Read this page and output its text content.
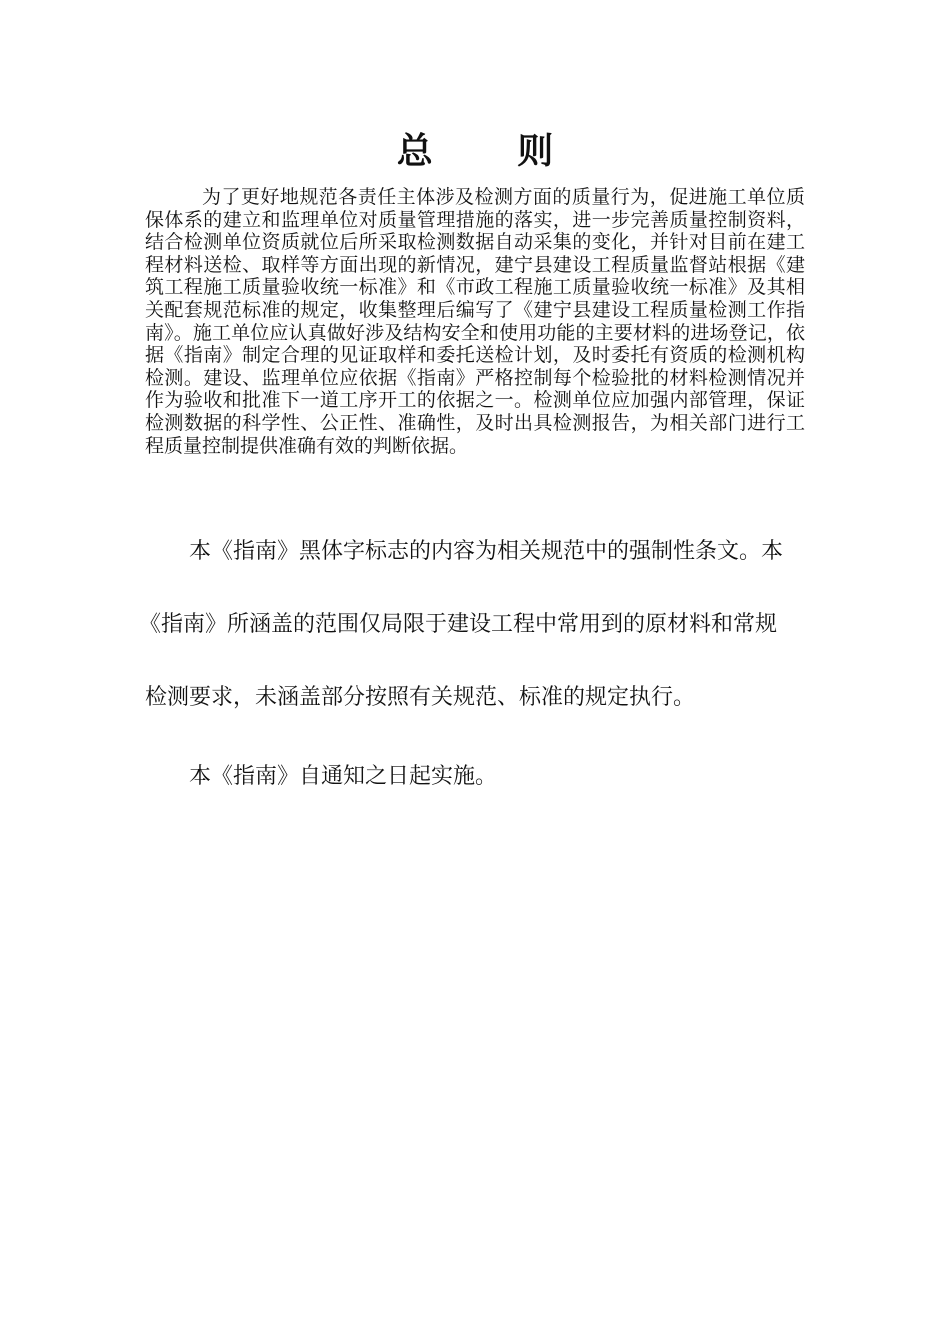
总 则

为了更好地规范各责任主体涉及检测方面的质量行为，促进施工单位质保体系的建立和监理单位对质量管理措施的落实，进一步完善质量控制资料，结合检测单位资质就位后所采取检测数据自动采集的变化，并针对目前在建工程材料送检、取样等方面出现的新情况，建宁县建设工程质量监督站根据《建筑工程施工质量验收统一标准》和《市政工程施工质量验收统一标准》及其相关配套规范标准的规定，收集整理后编写了《建宁县建设工程质量检测工作指南》。施工单位应认真做好涉及结构安全和使用功能的主要材料的进场登记，依据《指南》制定合理的见证取样和委托送检计划，及时委托有资质的检测机构检测。建设、监理单位应依据《指南》严格控制每个检验批的材料检测情况并作为验收和批准下一道工序开工的依据之一。检测单位应加强内部管理，保证检测数据的科学性、公正性、准确性，及时出具检测报告，为相关部门进行工程质量控制提供准确有效的判断依据。

本《指南》黑体字标志的内容为相关规范中的强制性条文。本
《指南》所涵盖的范围仅局限于建设工程中常用到的原材料和常规
检测要求，未涵盖部分按照有关规范、标准的规定执行。

本《指南》自通知之日起实施。
